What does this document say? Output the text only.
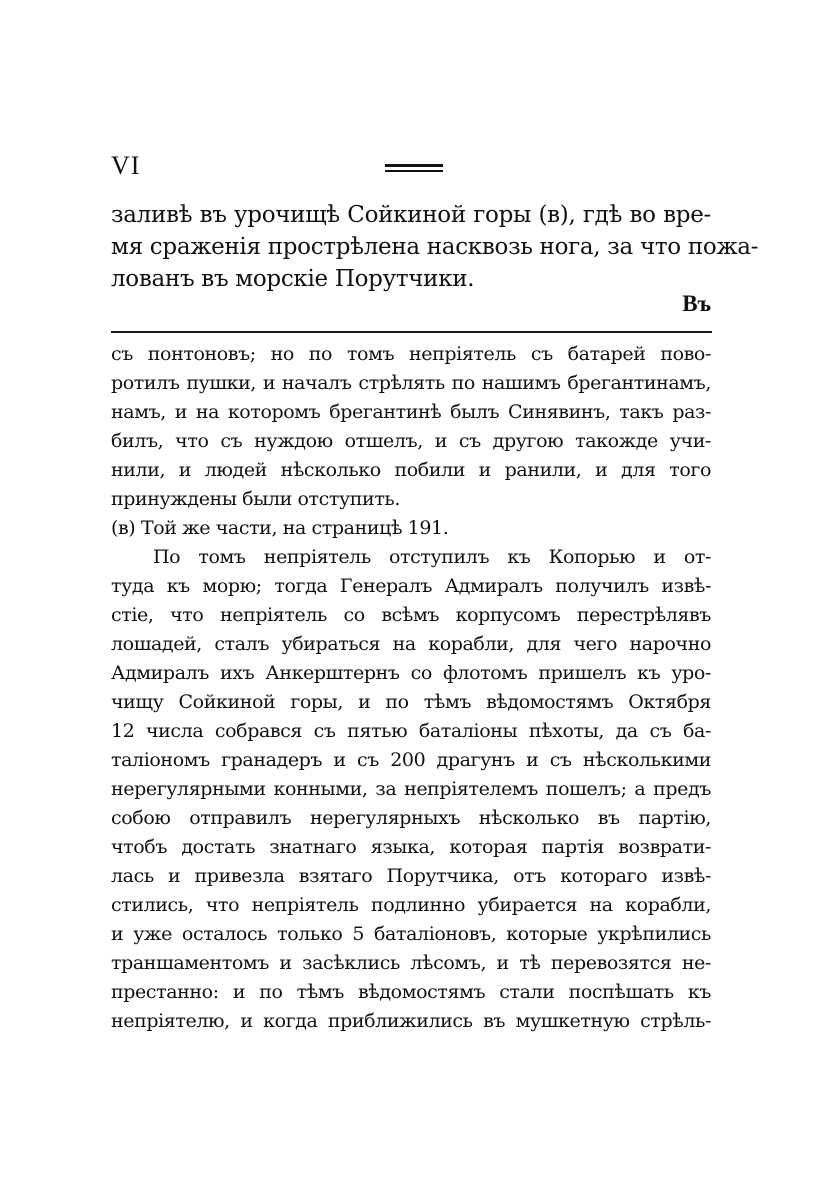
VI
заливѣ въ урочищѣ Сойкиной горы (в), гдѣ во вре-
мя сраженія прострѣлена насквозь нога, за что пожа-
лованъ въ морскіе Порутчики.
Въ
съ понтоновъ; но по томъ непріятель съ батарей пово-
ротилъ пушки, и началъ стрѣлять по нашимъ брегантинамъ,
намъ, и на которомъ брегантинѣ былъ Синявинъ, такъ раз-
билъ, что съ нуждою отшелъ, и съ другою такожде учи-
нили, и людей нѣсколько побили и ранили, и для того
принуждены были отступить.
(в) Той же части, на страницѣ 191.
По томъ непріятель отступилъ къ Копорью и от-
туда къ морю; тогда Генералъ Адмиралъ получилъ извѣ-
стіе, что непріятель со всѣмъ корпусомъ перестрѣлявъ
лошадей, сталъ убираться на корабли, для чего нарочно
Адмиралъ ихъ Анкерштернъ со флотомъ пришелъ къ уро-
чищу Сойкиной горы, и по тѣмъ вѣдомостямъ Октября
12 числа собрався съ пятью баталіоны пѣхоты, да съ ба-
таліономъ гранадеръ и съ 200 драгунъ и съ нѣсколькими
нерегулярными конными, за непріятелемъ пошелъ; а предъ
собою отправилъ нерегулярныхъ нѣсколько въ партію,
чтобъ достать знатнаго языка, которая партія возврати-
лась и привезла взятаго Порутчика, отъ котораго извѣ-
стились, что непріятель подлинно убирается на корабли,
и уже осталось только 5 баталіоновъ, которые укрѣпились
траншаментомъ и засѣклись лѣсомъ, и тѣ перевозятся не-
престанно: и по тѣмъ вѣдомостямъ стали поспѣшать къ
непріятелю, и когда приближились въ мушкетную стрѣль-
